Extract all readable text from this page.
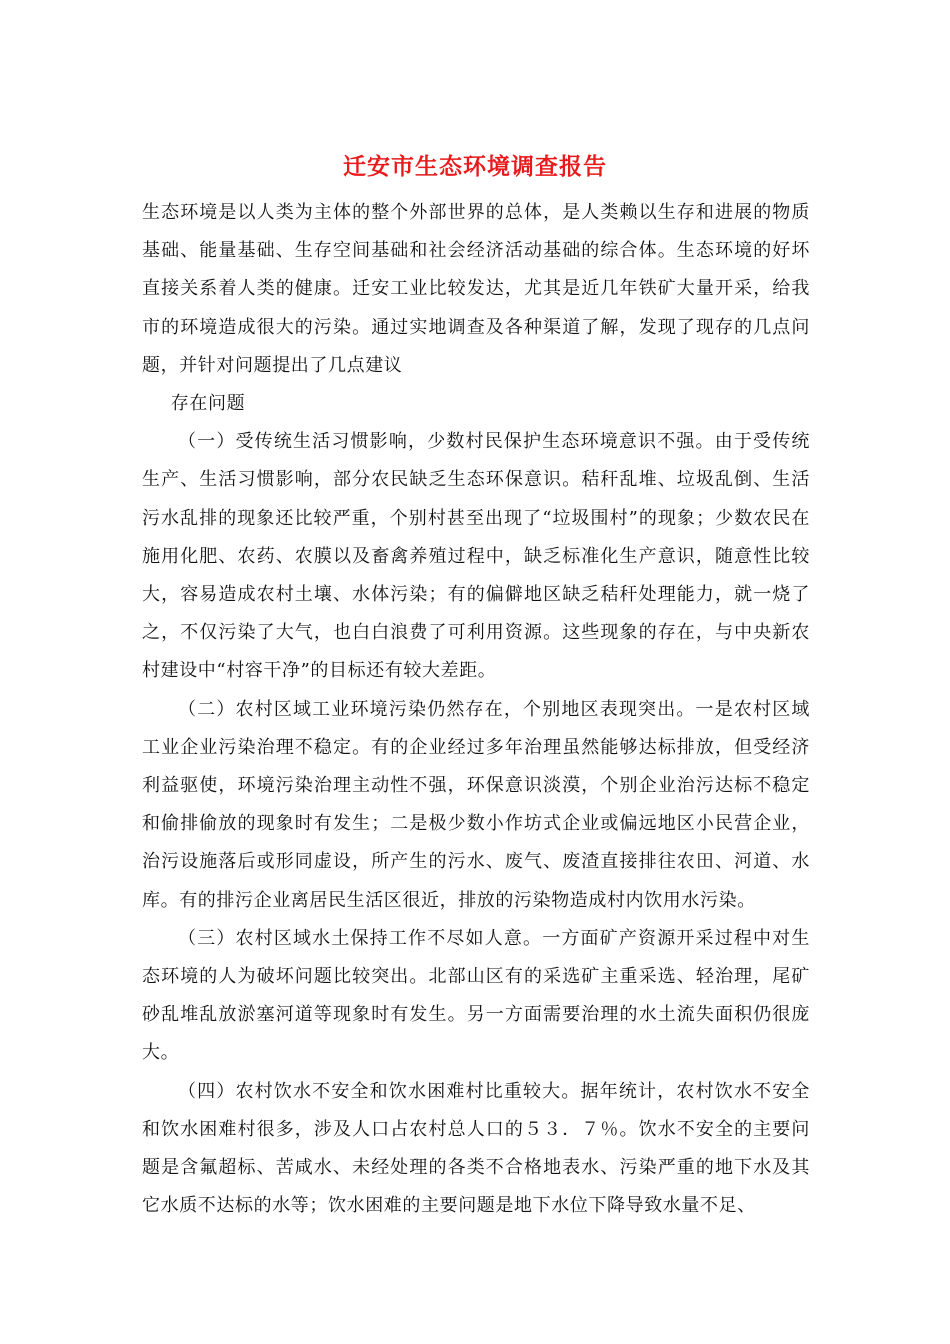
迁安市生态环境调查报告

生态环境是以人类为主体的整个外部世界的总体，是人类赖以生存和进展的物质基础、能量基础、生存空间基础和社会经济活动基础的综合体。生态环境的好坏直接关系着人类的健康。迁安工业比较发达，尤其是近几年铁矿大量开采，给我市的环境造成很大的污染。通过实地调查及各种渠道了解，发现了现存的几点问题，并针对问题提出了几点建议

存在问题

（一）受传统生活习惯影响，少数村民保护生态环境意识不强。由于受传统生产、生活习惯影响，部分农民缺乏生态环保意识。秸秆乱堆、垃圾乱倒、生活污水乱排的现象还比较严重，个别村甚至出现了“垃圾围村”的现象；少数农民在施用化肥、农药、农膜以及畜禽养殖过程中，缺乏标准化生产意识，随意性比较大，容易造成农村土壤、水体污染；有的偏僻地区缺乏秸秆处理能力，就一烧了之，不仅污染了大气，也白白浪费了可利用资源。这些现象的存在，与中央新农村建设中“村容干净”的目标还有较大差距。

（二）农村区域工业环境污染仍然存在，个别地区表现突出。一是农村区域工业企业污染治理不稳定。有的企业经过多年治理虽然能够达标排放，但受经济利益驱使，环境污染治理主动性不强，环保意识淡漠，个别企业治污达标不稳定和偷排偷放的现象时有发生；二是极少数小作坊式企业或偏远地区小民营企业，治污设施落后或形同虚设，所产生的污水、废气、废渣直接排往农田、河道、水库。有的排污企业离居民生活区很近，排放的污染物造成村内饮用水污染。

（三）农村区域水土保持工作不尽如人意。一方面矿产资源开采过程中对生态环境的人为破坏问题比较突出。北部山区有的采选矿主重采选、轻治理，尾矿砂乱堆乱放淤塞河道等现象时有发生。另一方面需要治理的水土流失面积仍很庞大。

（四）农村饮水不安全和饮水困难村比重较大。据年统计，农村饮水不安全和饮水困难村很多，涉及人口占农村总人口的５３．７％。饮水不安全的主要问题是含氟超标、苦咸水、未经处理的各类不合格地表水、污染严重的地下水及其它水质不达标的水等；饮水困难的主要问题是地下水位下降导致水量不足、
